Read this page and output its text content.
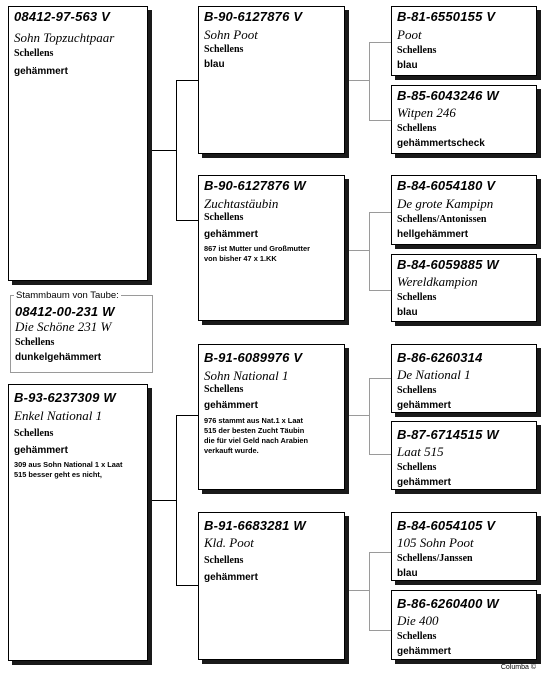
Stammbaum von Taube:
08412-00-231 W
Die Schöne 231 W
Schellens
dunkelgehämmert
08412-97-563 V
Sohn Topzuchtpaar
Schellens
gehämmert
B-93-6237309 W
Enkel National 1
Schellens
gehämmert
309 aus Sohn National 1 x Laat
515 besser geht es nicht,
B-90-6127876 V
Sohn Poot
Schellens
blau
B-90-6127876 W
Zuchtastäubin
Schellens
gehämmert
867 ist Mutter und Großmutter
von bisher 47 x 1.KK
B-91-6089976 V
Sohn National 1
Schellens
gehämmert
976 stammt aus Nat.1 x Laat
515 der besten Zucht Täubin
die für viel Geld nach Arabien
verkauft wurde.
B-91-6683281 W
Kld. Poot
Schellens
gehämmert
B-81-6550155 V
Poot
Schellens
blau
B-85-6043246 W
Witpen 246
Schellens
gehämmertscheck
B-84-6054180 V
De grote Kampipn
Schellens/Antonissen
hellgehämmert
B-84-6059885 W
Wereldkampion
Schellens
blau
B-86-6260314
De National 1
Schellens
gehämmert
B-87-6714515 W
Laat 515
Schellens
gehämmert
B-84-6054105 V
105 Sohn Poot
Schellens/Janssen
blau
B-86-6260400 W
Die 400
Schellens
gehämmert
Columba ©
